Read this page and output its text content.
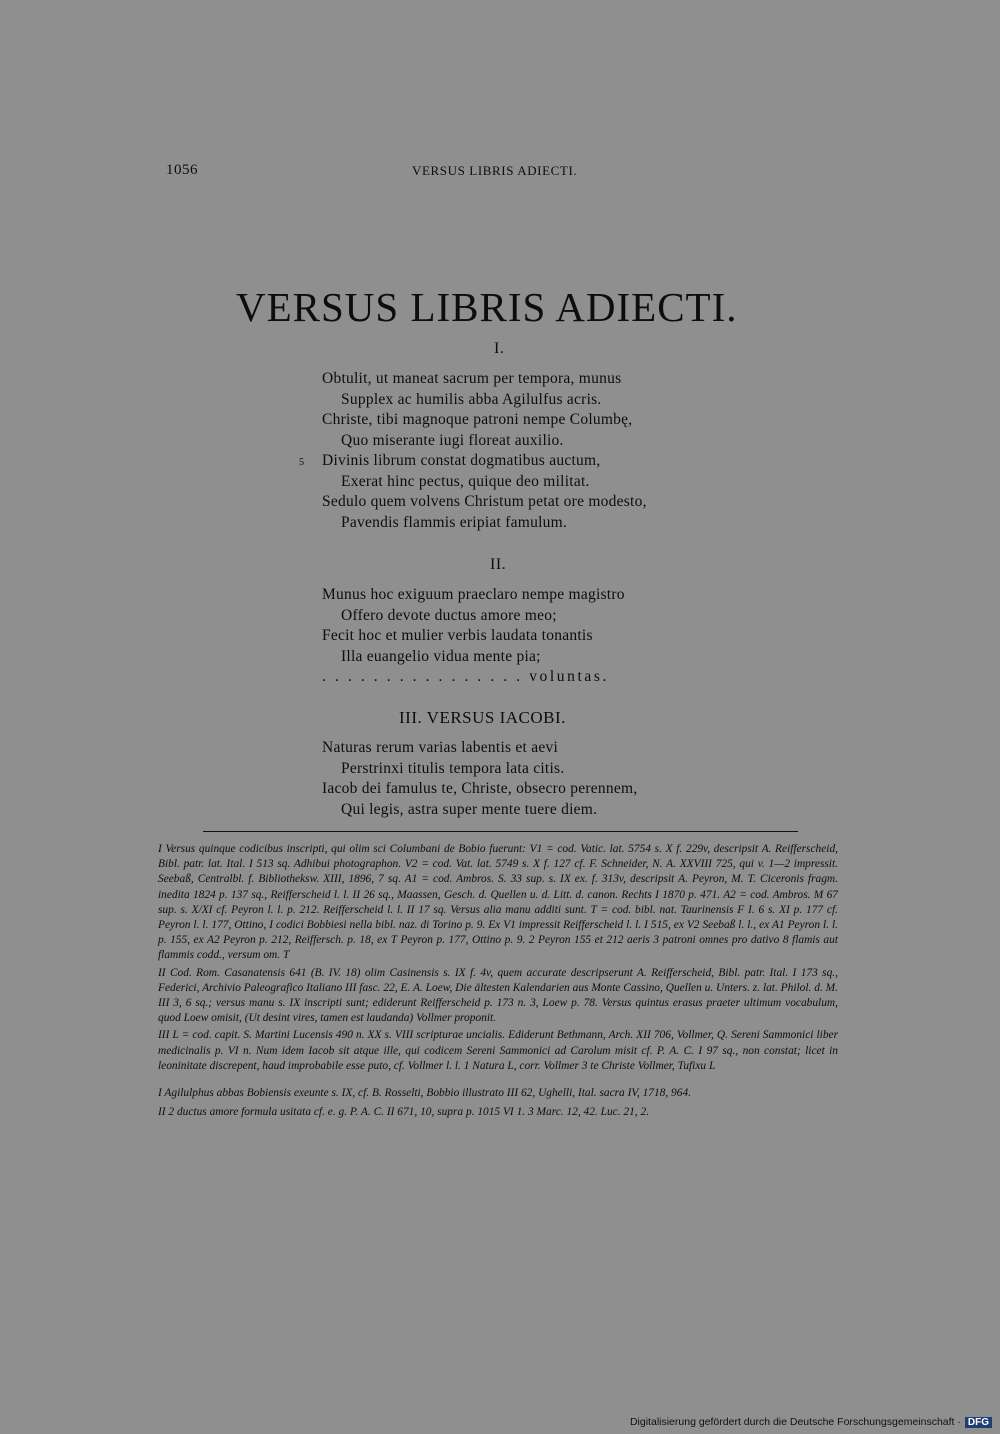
1056	VERSUS LIBRIS ADIECTI.
VERSUS LIBRIS ADIECTI.
I.
Obtulit, ut maneat sacrum per tempora, munus
Supplex ac humilis abba Agilulfus acris.
Christe, tibi magnoque patroni nempe Columbę,
Quo miserante iugi floreat auxilio.
Divinis librum constat dogmatibus auctum,
Exerat hinc pectus, quique deo militat.
Sedulo quem volvens Christum petat ore modesto,
Pavendis flammis eripiat famulum.
5
II.
Munus hoc exiguum praeclaro nempe magistro
Offero devote ductus amore meo;
Fecit hoc et mulier verbis laudata tonantis
Illa euangelio vidua mente pia;
. . . . . . . . . . . . . . . . voluntas.
III. VERSUS IACOBI.
Naturas rerum varias labentis et aevi
Perstrinxi titulis tempora lata citis.
Iacob dei famulus te, Christe, obsecro perennem,
Qui legis, astra super mente tuere diem.

I Versus quinque codicibus inscripti, qui olim sci Columbani de Bobio fuerunt: V1 = cod. Vatic. lat. 5754 s. X f. 229v, descripsit A. Reifferscheid, Bibl. patr. lat. Ital. I 513 sq. Adhibui photographon. V2 = cod. Vat. lat. 5749 s. X f. 127 cf. F. Schneider, N. A. XXVIII 725, qui v. 1—2 impressit. Seebaß, Centralbl. f. Bibliotheksw. XIII, 1896, 7 sq. A1 = cod. Ambros. S. 33 sup. s. IX ex. f. 313v, descripsit A. Peyron, M. T. Ciceronis fragm. inedita 1824 p. 137 sq., Reifferscheid l. l. II 26 sq., Maassen, Gesch. d. Quellen u. d. Litt. d. canon. Rechts I 1870 p. 471. A2 = cod. Ambros. M 67 sup. s. X/XI cf. Peyron l. l. p. 212. Reifferscheid l. l. II 17 sq. Versus alia manu additi sunt. T = cod. bibl. nat. Taurinensis F I. 6 s. XI p. 177 cf. Peyron l. l. 177, Ottino, I codici Bobbiesi nella bibl. naz. di Torino p. 9. Ex V1 impressit Reifferscheid l. l. I 515, ex V2 Seebaß l. l., ex A1 Peyron l. l. p. 155, ex A2 Peyron p. 212, Reiffersch. p. 18, ex T Peyron p. 177, Ottino p. 9. 2 Peyron 155 et 212 aeris 3 patroni omnes pro dativo 8 flamis aut flammis codd., versum om. T

II Cod. Rom. Casanatensis 641 (B. IV. 18) olim Casinensis s. IX f. 4v, quem accurate descripserunt A. Reifferscheid, Bibl. patr. Ital. I 173 sq., Federici, Archivio Paleografico Italiano III fasc. 22, E. A. Loew, Die ältesten Kalendarien aus Monte Cassino, Quellen u. Unters. z. lat. Philol. d. M. III 3, 6 sq.; versus manu s. IX inscripti sunt; ediderunt Reifferscheid p. 173 n. 3, Loew p. 78. Versus quintus erasus praeter ultimum vocabulum, quod Loew omisit, (Ut desint vires, tamen est laudanda) Vollmer proponit.

III L = cod. capit. S. Martini Lucensis 490 n. XX s. VIII scripturae uncialis. Ediderunt Bethmann, Arch. XII 706, Vollmer, Q. Sereni Sammonici liber medicinalis p. VI n. Num idem Iacob sit atque ille, qui codicem Sereni Sammonici ad Carolum misit cf. P. A. C. I 97 sq., non constat; licet in leoninitate discrepent, haud improbabile esse puto, cf. Vollmer l. l. 1 Natura L, corr. Vollmer 3 te Christe Vollmer, Tufixu L

I Agilulphus abbas Bobiensis exeunte s. IX, cf. B. Rosselti, Bobbio illustrato III 62, Ughelli, Ital. sacra IV, 1718, 964.

II 2 ductus amore formula usitata cf. e. g. P. A. C. II 671, 10, supra p. 1015 VI 1. 3 Marc. 12, 42. Luc. 21, 2.

Digitalisierung gefördert durch die Deutsche Forschungsgemeinschaft · DFG
